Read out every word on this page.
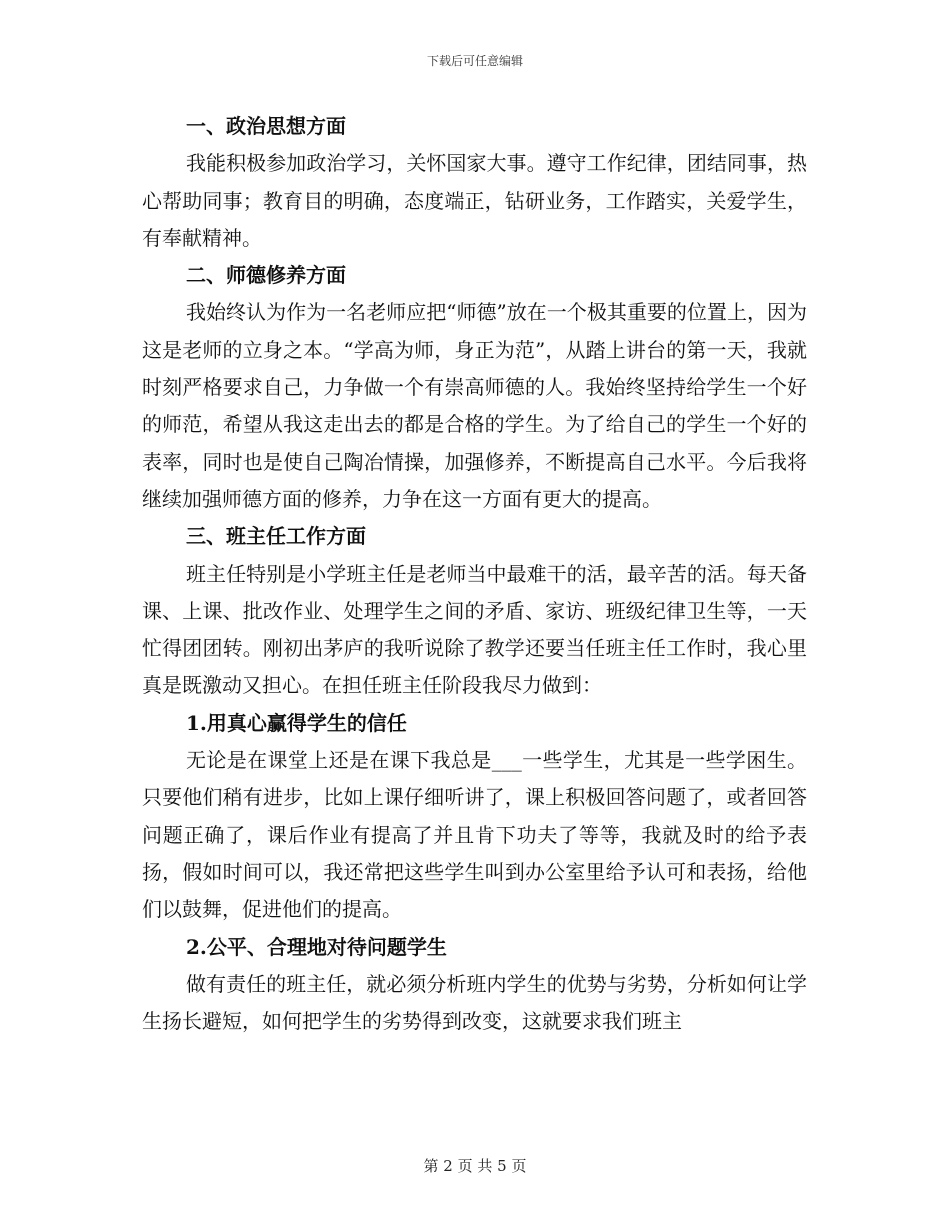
下载后可任意编辑

一、政治思想方面

我能积极参加政治学习，关怀国家大事。遵守工作纪律，团结同事，热心帮助同事；教育目的明确，态度端正，钻研业务，工作踏实，关爱学生，有奉献精神。

二、师德修养方面

我始终认为作为一名老师应把“师德”放在一个极其重要的位置上，因为这是老师的立身之本。“学高为师，身正为范”，从踏上讲台的第一天，我就时刻严格要求自己，力争做一个有崇高师德的人。我始终坚持给学生一个好的师范，希望从我这走出去的都是合格的学生。为了给自己的学生一个好的表率，同时也是使自己陶冶情操，加强修养，不断提高自己水平。今后我将继续加强师德方面的修养，力争在这一方面有更大的提高。

三、班主任工作方面

班主任特别是小学班主任是老师当中最难干的活，最辛苦的活。每天备课、上课、批改作业、处理学生之间的矛盾、家访、班级纪律卫生等，一天忙得团团转。刚初出茅庐的我听说除了教学还要当任班主任工作时，我心里真是既激动又担心。在担任班主任阶段我尽力做到：

1.用真心赢得学生的信任

无论是在课堂上还是在课下我总是___一些学生，尤其是一些学困生。只要他们稍有进步，比如上课仔细听讲了，课上积极回答问题了，或者回答问题正确了，课后作业有提高了并且肯下功夫了等等，我就及时的给予表扬，假如时间可以，我还常把这些学生叫到办公室里给予认可和表扬，给他们以鼓舞，促进他们的提高。

2.公平、合理地对待问题学生

做有责任的班主任，就必须分析班内学生的优势与劣势，分析如何让学生扬长避短，如何把学生的劣势得到改变，这就要求我们班主

第 2 页 共 5 页
